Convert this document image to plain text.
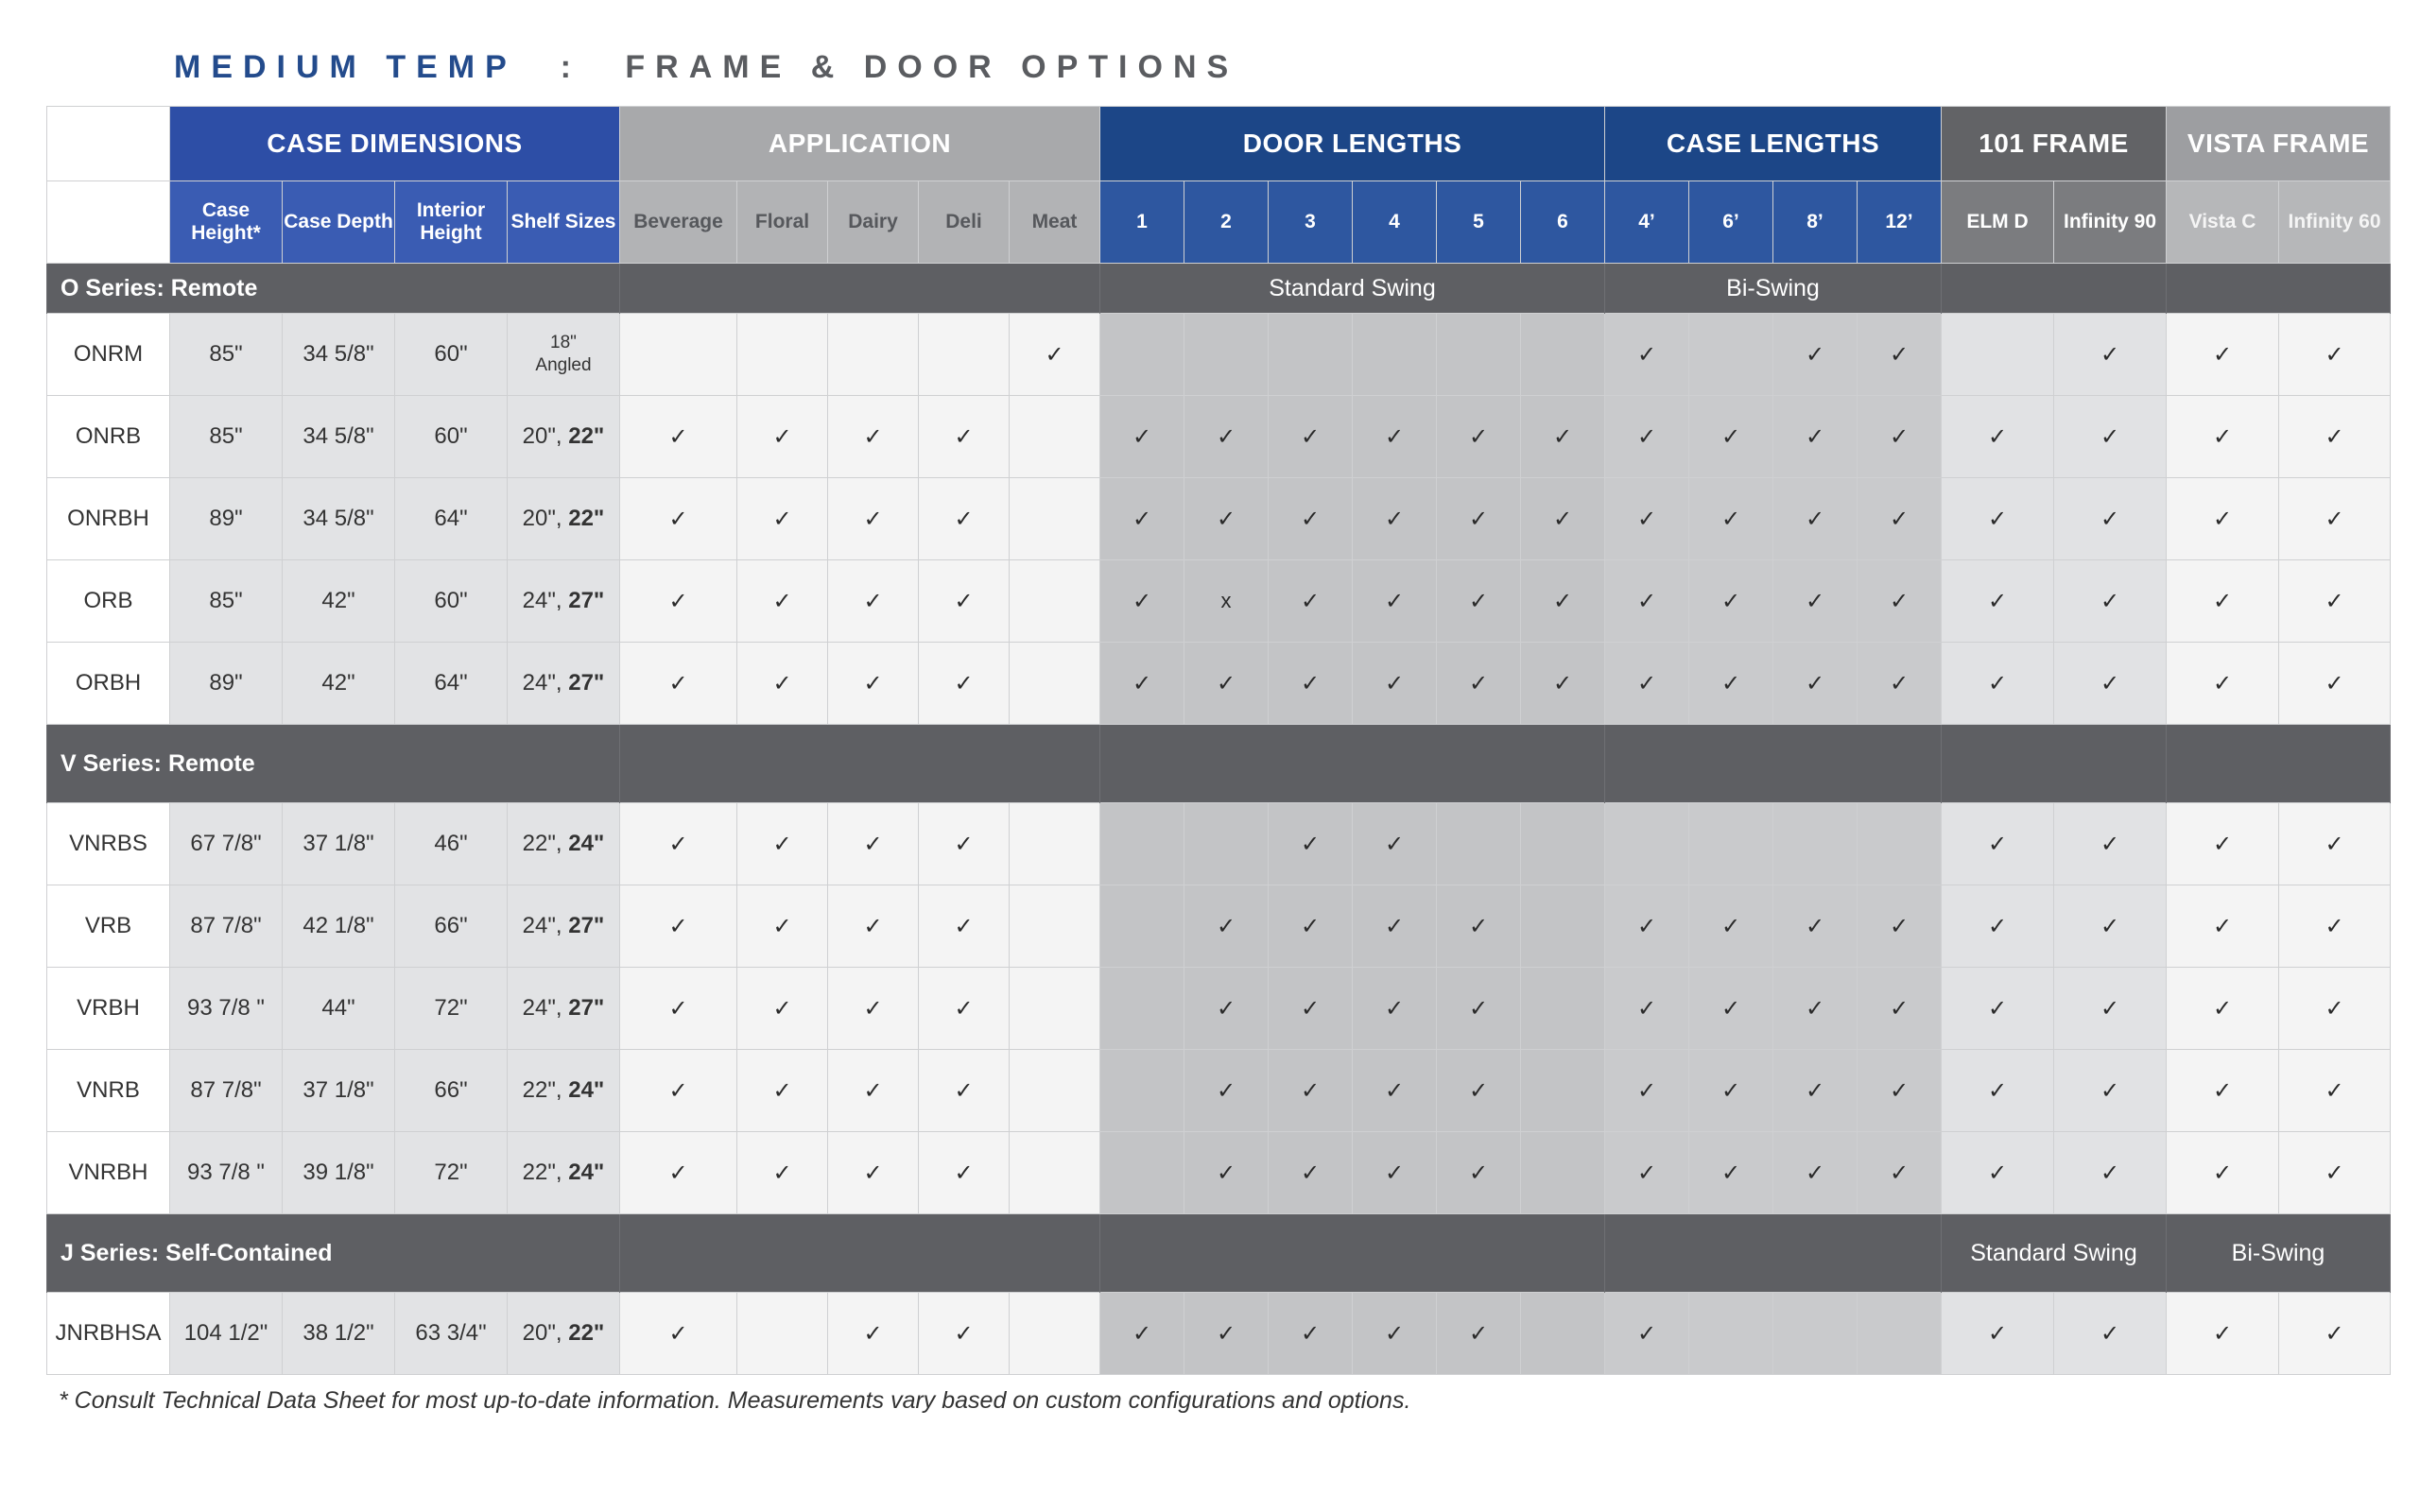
MEDIUM TEMP : FRAME & DOOR OPTIONS
	CASE DIMENSIONS				APPLICATION					DOOR LENGTHS						CASE LENGTHS				101 FRAME		VISTA FRAME	
	Case Height*	Case Depth	Interior Height	Shelf Sizes	Beverage	Floral	Dairy	Deli	Meat	1	2	3	4	5	6	4’	6’	8’	12’	ELM D	Infinity 90	Vista C	Infinity 60
O Series: Remote										Standard Swing						Bi-Swing							
ONRM	85"	34 5/8"	60"	18" Angled					✓							✓		✓	✓		✓	✓	✓
ONRB	85"	34 5/8"	60"	20", 22"	✓	✓	✓	✓		✓	✓	✓	✓	✓	✓	✓	✓	✓	✓	✓	✓	✓	✓
ONRBH	89"	34 5/8"	64"	20", 22"	✓	✓	✓	✓		✓	✓	✓	✓	✓	✓	✓	✓	✓	✓	✓	✓	✓	✓
ORB	85"	42"	60"	24", 27"	✓	✓	✓	✓		✓	x	✓	✓	✓	✓	✓	✓	✓	✓	✓	✓	✓	✓
ORBH	89"	42"	64"	24", 27"	✓	✓	✓	✓		✓	✓	✓	✓	✓	✓	✓	✓	✓	✓	✓	✓	✓	✓
V Series: Remote																							
VNRBS	67 7/8"	37 1/8"	46"	22", 24"	✓	✓	✓	✓				✓	✓							✓	✓	✓	✓
VRB	87 7/8"	42 1/8"	66"	24", 27"	✓	✓	✓	✓			✓	✓	✓	✓		✓	✓	✓	✓	✓	✓	✓	✓
VRBH	93 7/8 "	44"	72"	24", 27"	✓	✓	✓	✓			✓	✓	✓	✓		✓	✓	✓	✓	✓	✓	✓	✓
VNRB	87 7/8"	37 1/8"	66"	22", 24"	✓	✓	✓	✓			✓	✓	✓	✓		✓	✓	✓	✓	✓	✓	✓	✓
VNRBH	93 7/8 "	39 1/8"	72"	22", 24"	✓	✓	✓	✓			✓	✓	✓	✓		✓	✓	✓	✓	✓	✓	✓	✓
J Series: Self-Contained																				Standard Swing		Bi-Swing	
JNRBHSA	104 1/2"	38 1/2"	63 3/4"	20", 22"	✓		✓	✓		✓	✓	✓	✓	✓		✓				✓	✓	✓	✓
* Consult Technical Data Sheet for most up-to-date information. Measurements vary based on custom configurations and options.
